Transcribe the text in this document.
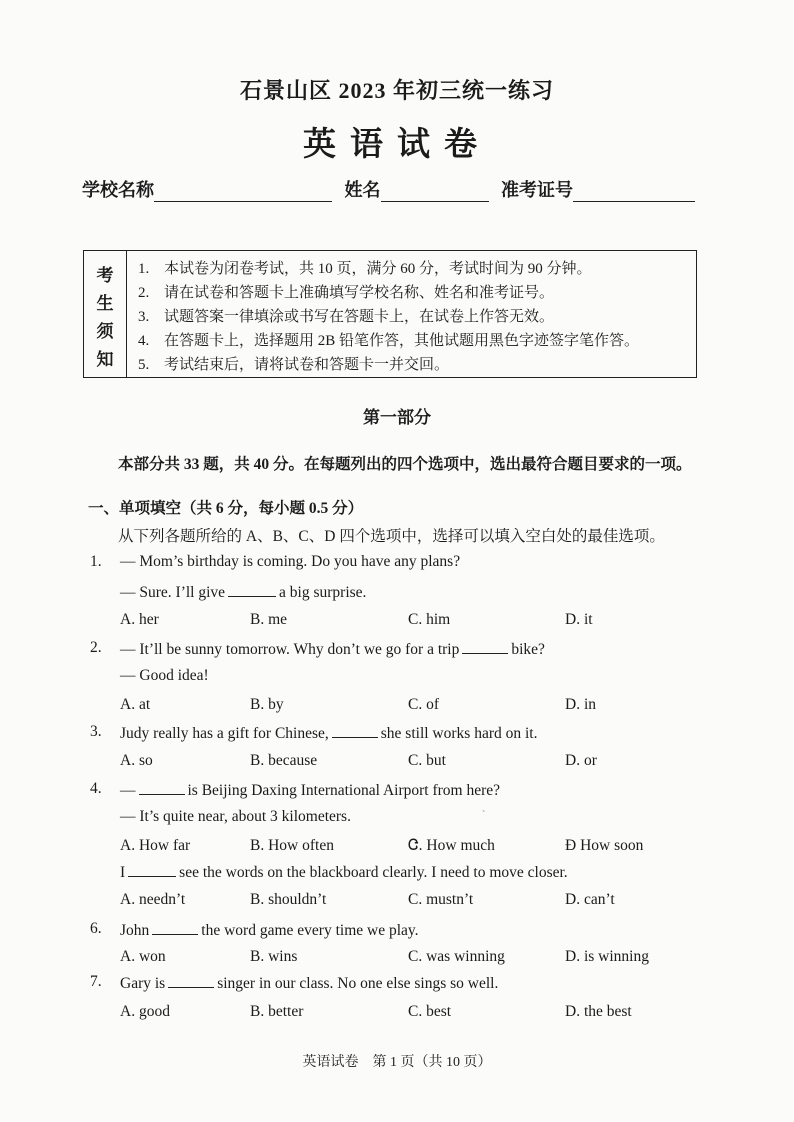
石景山区 2023 年初三统一练习
英语试卷
学校名称	姓名	准考证号
考
生
须
知
1. 本试卷为闭卷考试，共 10 页，满分 60 分，考试时间为 90 分钟。
2. 请在试卷和答题卡上准确填写学校名称、姓名和准考证号。
3. 试题答案一律填涂或书写在答题卡上，在试卷上作答无效。
4. 在答题卡上，选择题用 2B 铅笔作答，其他试题用黑色字迹签字笔作答。
5. 考试结束后，请将试卷和答题卡一并交回。
第一部分
本部分共 33 题，共 40 分。在每题列出的四个选项中，选出最符合题目要求的一项。
一、单项填空（共 6 分，每小题 0.5 分）
从下列各题所给的 A、B、C、D 四个选项中，选择可以填入空白处的最佳选项。
1. — Mom’s birthday is coming. Do you have any plans?
— Sure. I’ll give	a big surprise.
A. her	B. me	C. him	D. it
2. — It’ll be sunny tomorrow. Why don’t we go for a trip	bike?
— Good idea!
A. at	B. by	C. of	D. in
3. Judy really has a gift for Chinese,	she still works hard on it.
A. so	B. because	C. but	D. or
4. —	is Beijing Daxing International Airport from here?
`
— It’s quite near, about 3 kilometers.
A. How far	B. How often	Ꮳ. How much	Đ How soon
I	see the words on the blackboard clearly. I need to move closer.
A. needn’t	B. shouldn’t	C. mustn’t	D. can’t
6. John	the word game every time we play.
A. won	B. wins	C. was winning	D. is winning
7. Gary is	singer in our class. No one else sings so well.
A. good	B. better	C. best	D. the best
英语试卷　第 1 页（共 10 页）
